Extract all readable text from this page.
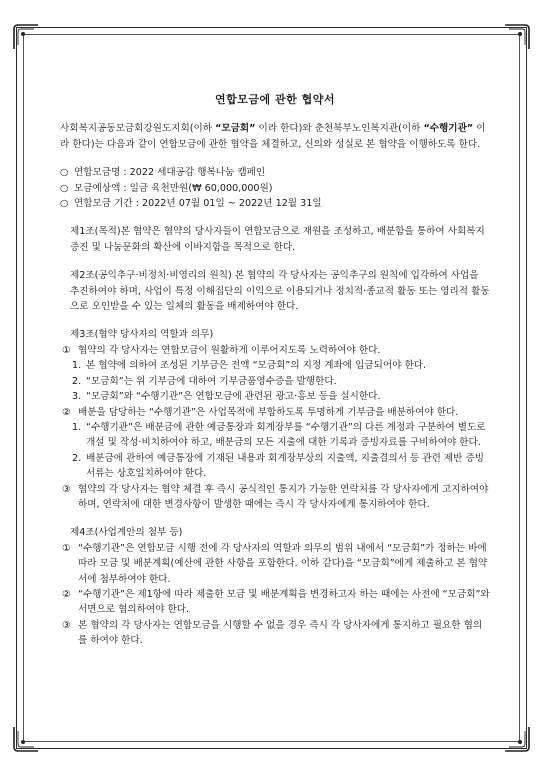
연합모금에 관한 협약서

사회복지공동모금회강원도지회(이하 “모금회” 이라 한다)와 춘천북부노인복지관(이하 “수행기관” 이라 한다)는 다음과 같이 연합모금에 관한 협약을 체결하고, 신의와 성실로 본 협약을 이행하도록 한다.

○ 연합모금명 : 2022 세대공감 행복나눔 캠페인
○ 모금예상액 : 일금 육천만원(₩ 60,000,000원)
○ 연합모금 기간 : 2022년 07월 01일 ~ 2022년 12월 31일

제1조(목적)본 협약은 협약의 당사자들이 연합모금으로 재원을 조성하고, 배분함을 통하여 사회복지증진 및 나눔문화의 확산에 이바지함을 목적으로 한다.

제2조(공익추구·비정치·비영리의 원칙) 본 협약의 각 당사자는 공익추구의 원칙에 입각하여 사업을 추진하여야 하며, 사업이 특정 이해집단의 이익으로 이용되거나 정치적·종교적 활동 또는 영리적 활동으로 오인받을 수 있는 일체의 활동을 배제하여야 한다.

제3조(협약 당사자의 역할과 의무)

① 협약의 각 당사자는 연합모금이 원활하게 이루어지도록 노력하여야 한다.
1. 본 협약에 의하여 조성된 기부금은 전액 “모금회”의 지정 계좌에 입금되어야 한다.
2. “모금회”는 위 기부금에 대하여 기부금품영수증을 발행한다.
3. “모금회”와 “수행기관”은 연합모금에 관련된 광고·홍보 등을 실시한다.
② 배분을 담당하는 “수행기관”은 사업목적에 부합하도록 투명하게 기부금을 배분하여야 한다.
1. “수행기관”은 배분금에 관한 예금통장과 회계장부를 “수행기관”의 다른 계정과 구분하여 별도로 개설 및 작성·비치하여야 하고, 배분금의 모든 지출에 대한 기록과 증빙자료를 구비하여야 한다.
2. 배분금에 관하여 예금통장에 기재된 내용과 회계장부상의 지출액, 지출결의서 등 관련 제반 증빙서류는 상호일치하여야 한다.
③ 협약의 각 당사자는 협약 체결 후 즉시 공식적인 통지가 가능한 연락처를 각 당사자에게 고지하여야 하며, 연락처에 대한 변경사항이 발생한 때에는 즉시 각 당사자에게 통지하여야 한다.

제4조(사업계안의 첨부 등)

① “수행기관”은 연합모금 시행 전에 각 당사자의 역할과 의무의 범위 내에서 “모금회”가 정하는 바에 따라 모금 및 배분계획(예산에 관한 사항을 포함한다. 이하 같다)을 “모금회”에게 제출하고 본 협약서에 첨부하여야 한다.
② “수행기관”은 제1항에 따라 제출한 모금 및 배분계획을 변경하고자 하는 때에는 사전에 “모금회”와 서면으로 협의하여야 한다.
③ 본 협약의 각 당사자는 연합모금을 시행할 수 없을 경우 즉시 각 당사자에게 통지하고 필요한 협의를 하여야 한다.
